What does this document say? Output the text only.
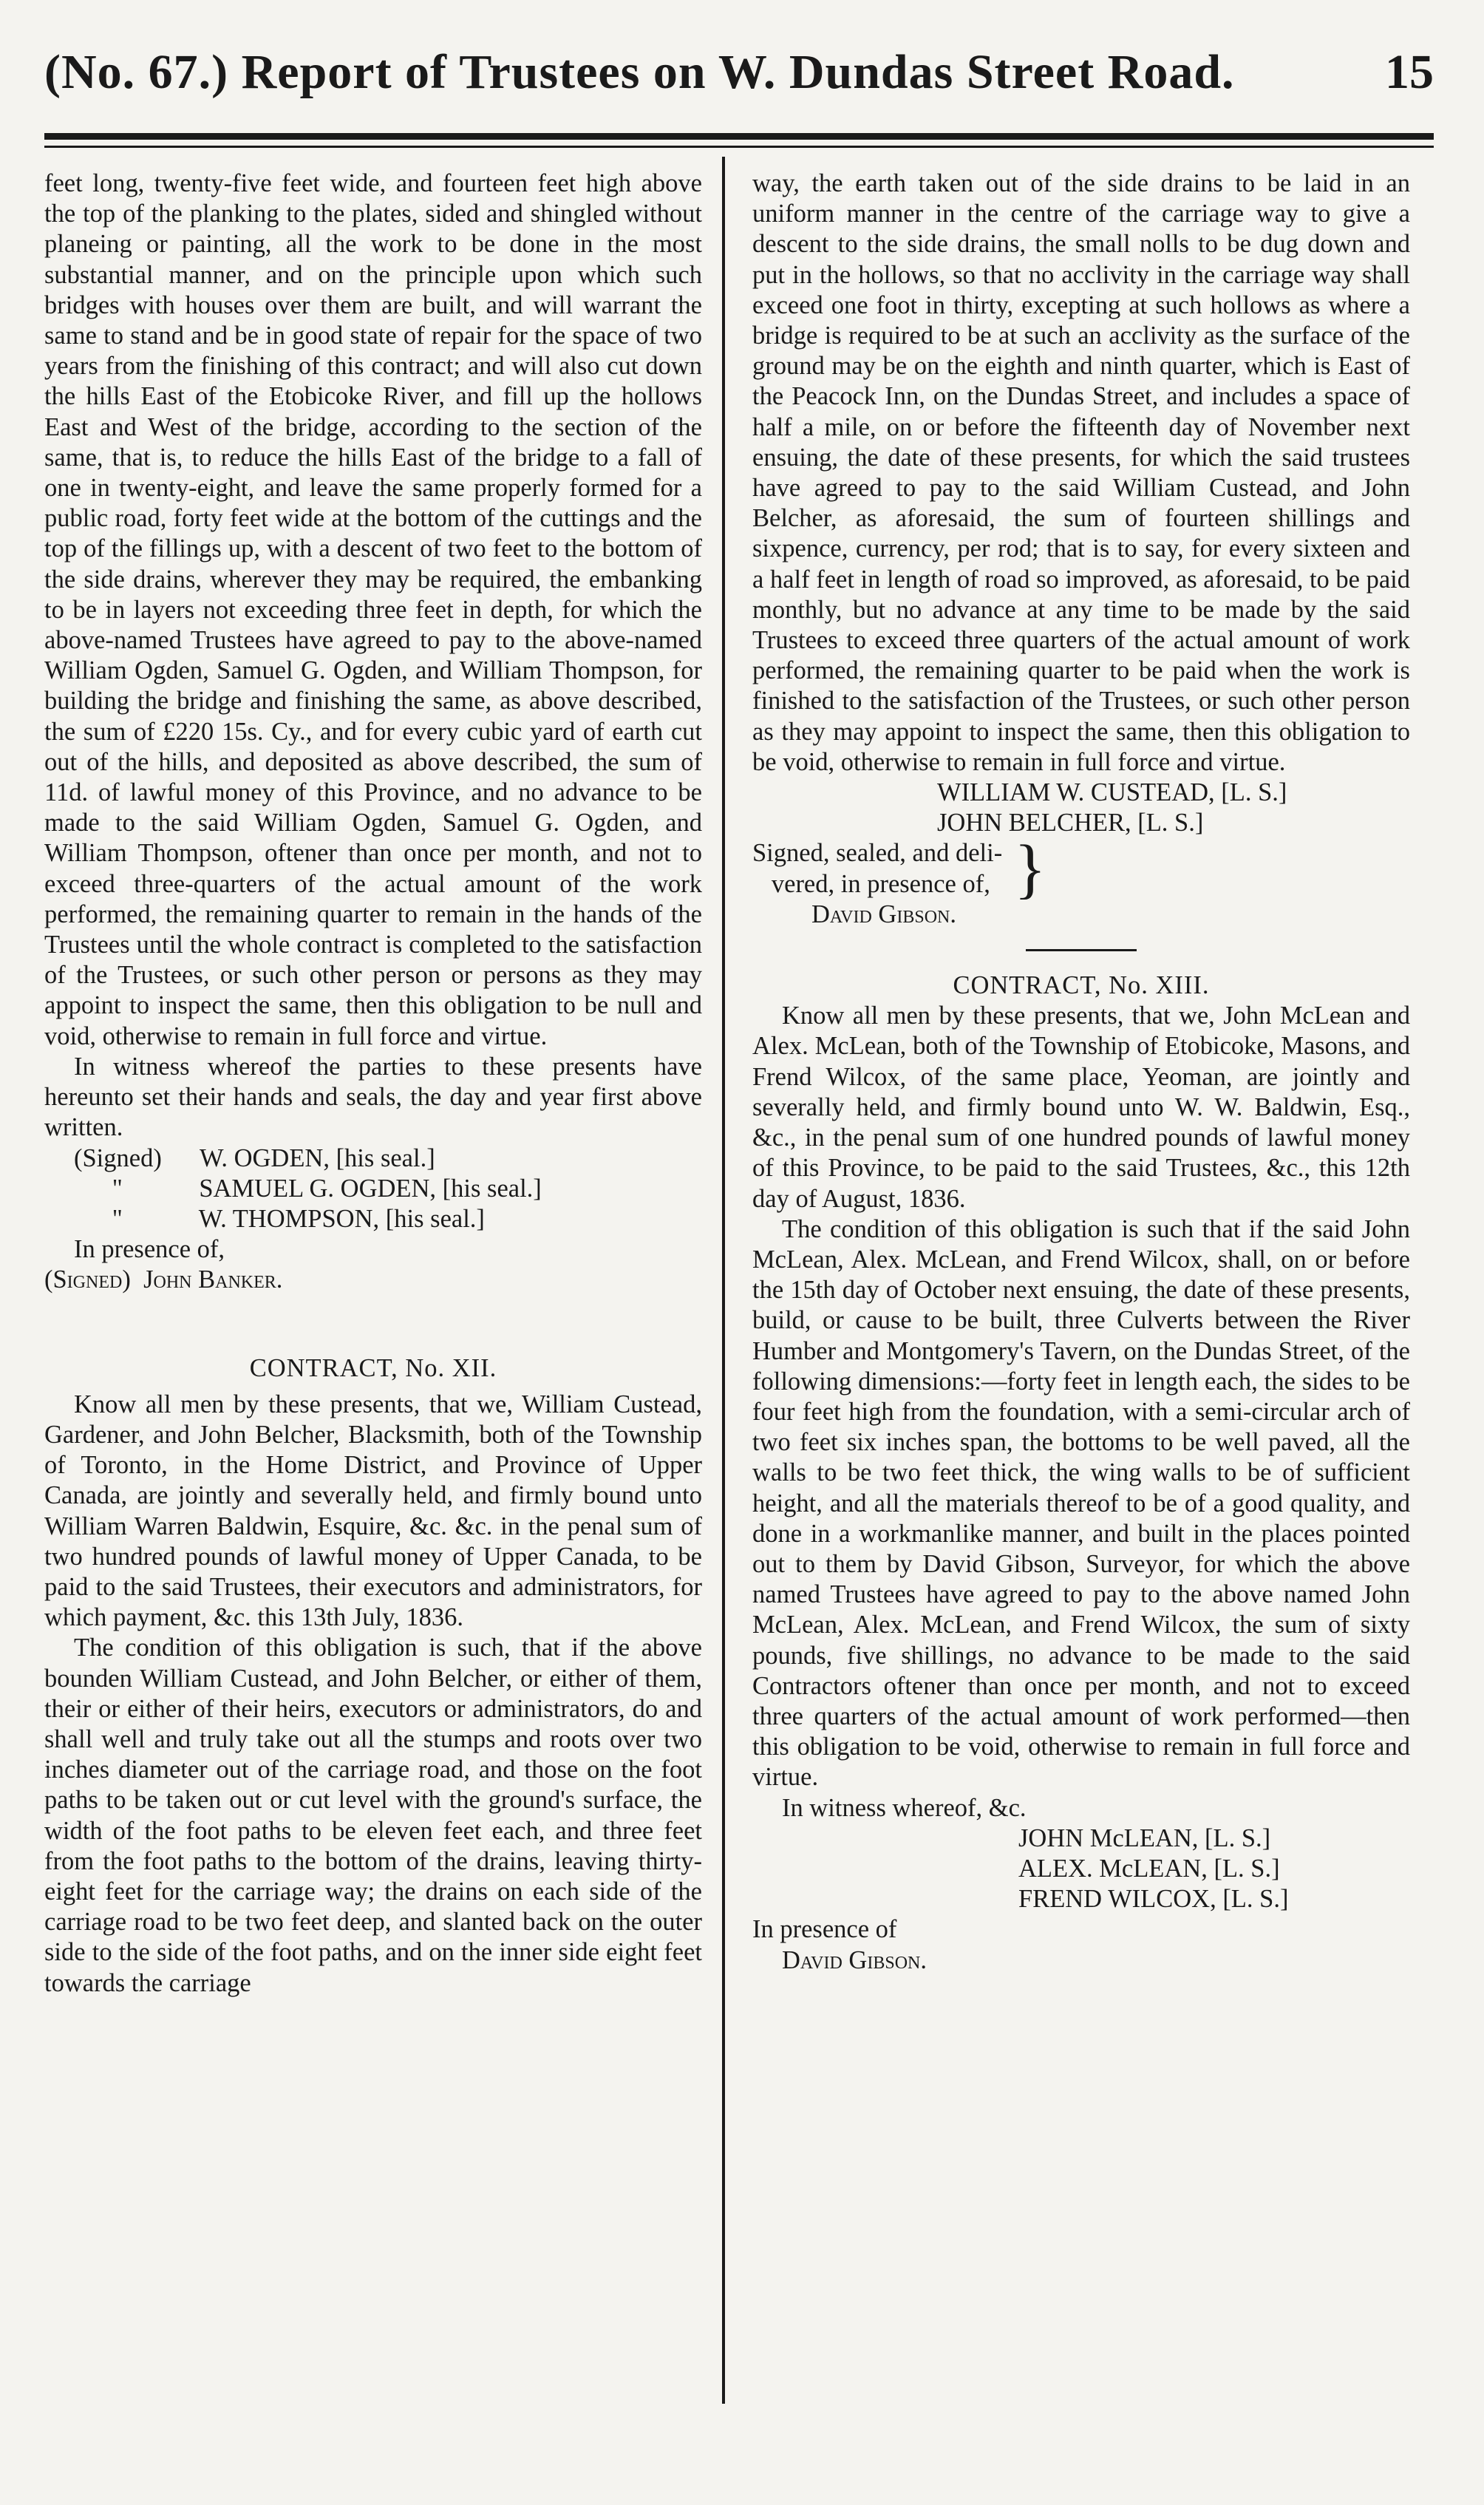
(No. 67.) Report of Trustees on W. Dundas Street Road.	15

feet long, twenty-five feet wide, and fourteen feet high above the top of the planking to the plates, sided and shingled without planeing or painting, all the work to be done in the most substantial manner, and on the principle upon which such bridges with houses over them are built, and will warrant the same to stand and be in good state of repair for the space of two years from the finishing of this contract; and will also cut down the hills East of the Etobicoke River, and fill up the hollows East and West of the bridge, according to the section of the same, that is, to reduce the hills East of the bridge to a fall of one in twenty-eight, and leave the same properly formed for a public road, forty feet wide at the bottom of the cuttings and the top of the fillings up, with a descent of two feet to the bottom of the side drains, wherever they may be required, the embanking to be in layers not exceeding three feet in depth, for which the above-named Trustees have agreed to pay to the above-named William Ogden, Samuel G. Ogden, and William Thompson, for building the bridge and finishing the same, as above described, the sum of £220 15s. Cy., and for every cubic yard of earth cut out of the hills, and deposited as above described, the sum of 11d. of lawful money of this Province, and no advance to be made to the said William Ogden, Samuel G. Ogden, and William Thompson, oftener than once per month, and not to exceed three-quarters of the actual amount of the work performed, the remaining quarter to remain in the hands of the Trustees until the whole contract is completed to the satisfaction of the Trustees, or such other person or persons as they may appoint to inspect the same, then this obligation to be null and void, otherwise to remain in full force and virtue.

In witness whereof the parties to these presents have hereunto set their hands and seals, the day and year first above written.

(Signed)      W. OGDEN, [his seal.]

"            SAMUEL G. OGDEN, [his seal.]

"            W. THOMPSON, [his seal.]

In presence of,

(Signed)  John Banker.

CONTRACT, No. XII.

Know all men by these presents, that we, William Custead, Gardener, and John Belcher, Blacksmith, both of the Township of Toronto, in the Home District, and Province of Upper Canada, are jointly and severally held, and firmly bound unto William Warren Baldwin, Esquire, &c. &c. in the penal sum of two hundred pounds of lawful money of Upper Canada, to be paid to the said Trustees, their executors and administrators, for which payment, &c. this 13th July, 1836.

The condition of this obligation is such, that if the above bounden William Custead, and John Belcher, or either of them, their or either of their heirs, executors or administrators, do and shall well and truly take out all the stumps and roots over two inches diameter out of the carriage road, and those on the foot paths to be taken out or cut level with the ground's surface, the width of the foot paths to be eleven feet each, and three feet from the foot paths to the bottom of the drains, leaving thirty-eight feet for the carriage way; the drains on each side of the carriage road to be two feet deep, and slanted back on the outer side to the side of the foot paths, and on the inner side eight feet towards the carriage

way, the earth taken out of the side drains to be laid in an uniform manner in the centre of the carriage way to give a descent to the side drains, the small nolls to be dug down and put in the hollows, so that no acclivity in the carriage way shall exceed one foot in thirty, excepting at such hollows as where a bridge is required to be at such an acclivity as the surface of the ground may be on the eighth and ninth quarter, which is East of the Peacock Inn, on the Dundas Street, and includes a space of half a mile, on or before the fifteenth day of November next ensuing, the date of these presents, for which the said trustees have agreed to pay to the said William Custead, and John Belcher, as aforesaid, the sum of fourteen shillings and sixpence, currency, per rod; that is to say, for every sixteen and a half feet in length of road so improved, as aforesaid, to be paid monthly, but no advance at any time to be made by the said Trustees to exceed three quarters of the actual amount of work performed, the remaining quarter to be paid when the work is finished to the satisfaction of the Trustees, or such other person as they may appoint to inspect the same, then this obligation to be void, otherwise to remain in full force and virtue.

WILLIAM W. CUSTEAD, [L. S.]

JOHN BELCHER, [L. S.]

Signed, sealed, and deli-

vered, in presence of, }

David Gibson.

CONTRACT, No. XIII.

Know all men by these presents, that we, John McLean and Alex. McLean, both of the Township of Etobicoke, Masons, and Frend Wilcox, of the same place, Yeoman, are jointly and severally held, and firmly bound unto W. W. Baldwin, Esq., &c., in the penal sum of one hundred pounds of lawful money of this Province, to be paid to the said Trustees, &c., this 12th day of August, 1836.

The condition of this obligation is such that if the said John McLean, Alex. McLean, and Frend Wilcox, shall, on or before the 15th day of October next ensuing, the date of these presents, build, or cause to be built, three Culverts between the River Humber and Montgomery's Tavern, on the Dundas Street, of the following dimensions:—forty feet in length each, the sides to be four feet high from the foundation, with a semi-circular arch of two feet six inches span, the bottoms to be well paved, all the walls to be two feet thick, the wing walls to be of sufficient height, and all the materials thereof to be of a good quality, and done in a workmanlike manner, and built in the places pointed out to them by David Gibson, Surveyor, for which the above named Trustees have agreed to pay to the above named John McLean, Alex. McLean, and Frend Wilcox, the sum of sixty pounds, five shillings, no advance to be made to the said Contractors oftener than once per month, and not to exceed three quarters of the actual amount of work performed—then this obligation to be void, otherwise to remain in full force and virtue.

In witness whereof, &c.

JOHN McLEAN, [L. S.]

ALEX. McLEAN, [L. S.]

FREND WILCOX, [L. S.]

In presence of

David Gibson.
